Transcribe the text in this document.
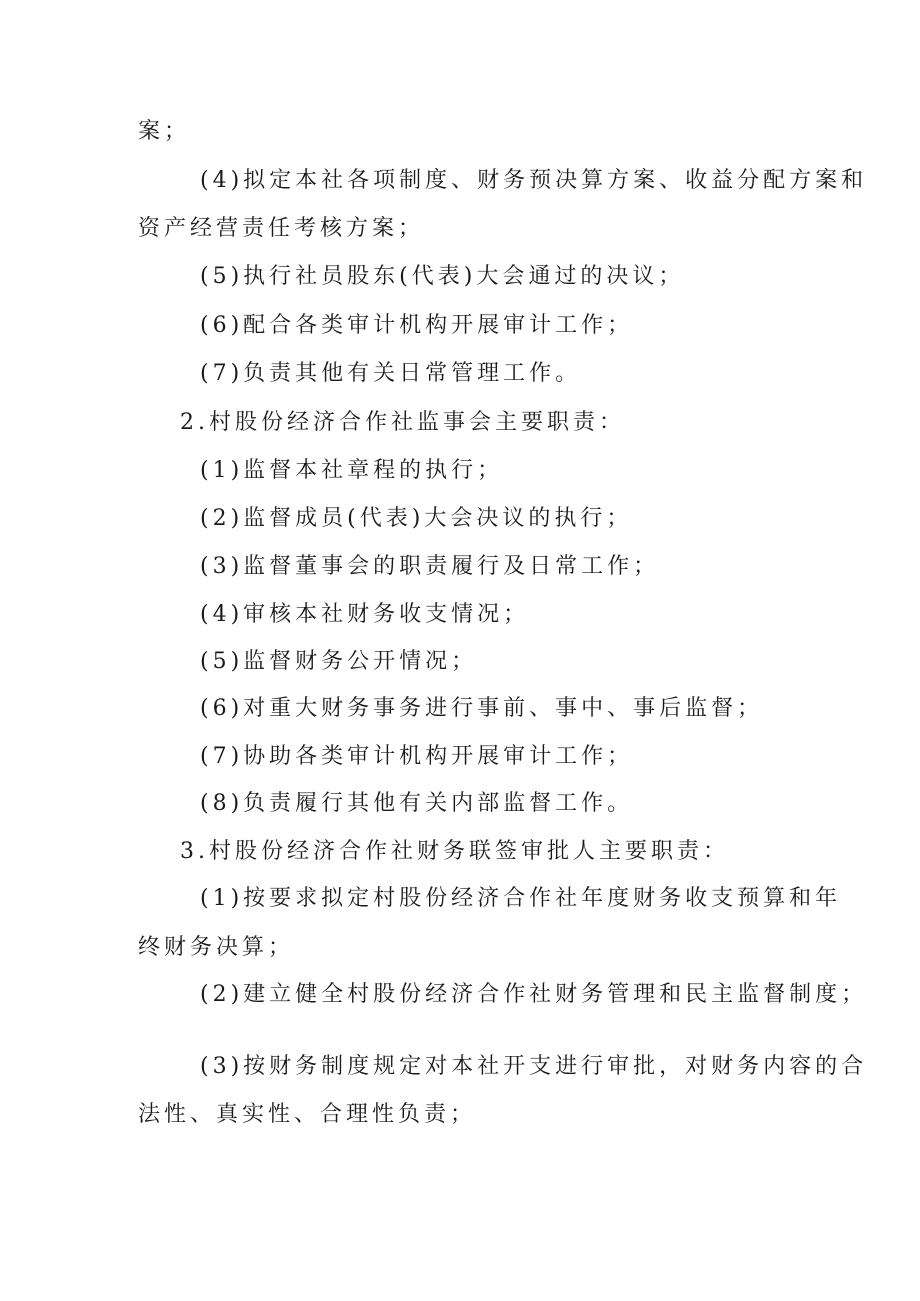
案；
(4)拟定本社各项制度、财务预决算方案、收益分配方案和
资产经营责任考核方案；
(5)执行社员股东(代表)大会通过的决议；
(6)配合各类审计机构开展审计工作；
(7)负责其他有关日常管理工作。
2.村股份经济合作社监事会主要职责：
(1)监督本社章程的执行；
(2)监督成员(代表)大会决议的执行；
(3)监督董事会的职责履行及日常工作；
(4)审核本社财务收支情况；
(5)监督财务公开情况；
(6)对重大财务事务进行事前、事中、事后监督；
(7)协助各类审计机构开展审计工作；
(8)负责履行其他有关内部监督工作。
3.村股份经济合作社财务联签审批人主要职责：
(1)按要求拟定村股份经济合作社年度财务收支预算和年
终财务决算；
(2)建立健全村股份经济合作社财务管理和民主监督制度；
(3)按财务制度规定对本社开支进行审批，对财务内容的合
法性、真实性、合理性负责；
